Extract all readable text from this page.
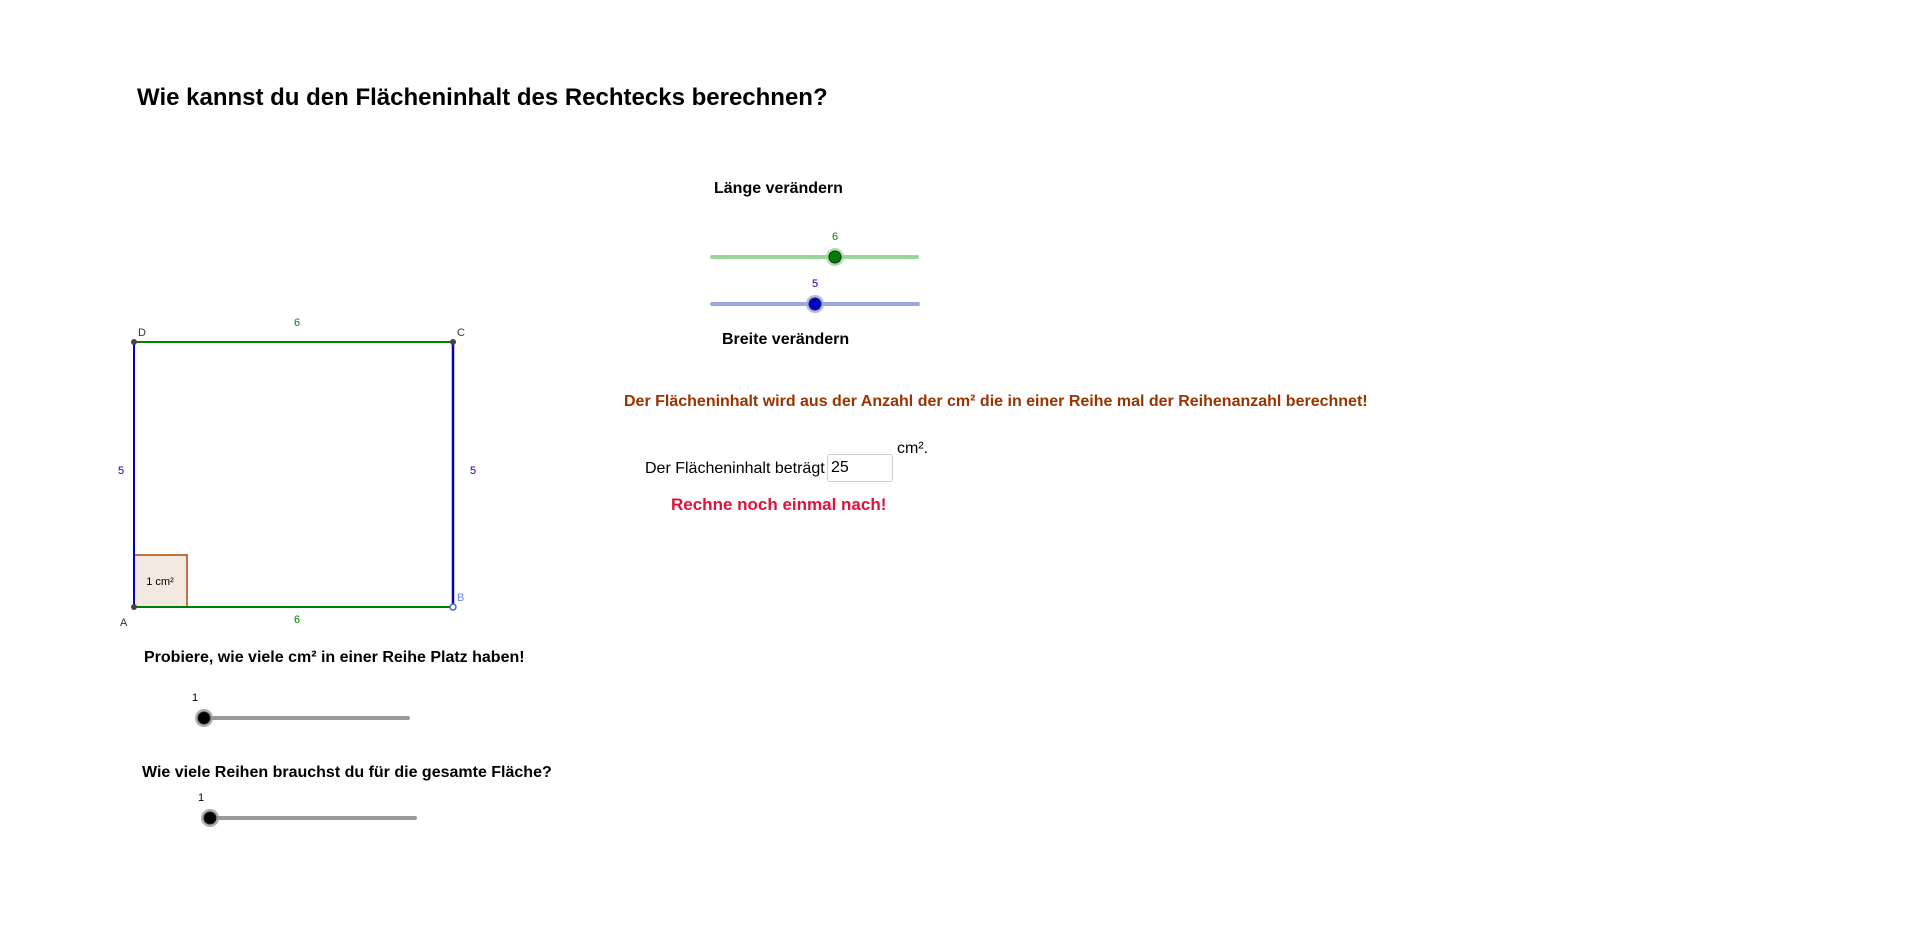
Wie kannst du den Flächeninhalt des Rechtecks berechnen?
1 cm²
D	C
A
B
6
6
5	5
6
5
1
1
Länge verändern
Breite verändern
Probiere, wie viele cm² in einer Reihe Platz haben!
Wie viele Reihen brauchst du für die gesamte Fläche?
Der Flächeninhalt wird aus der Anzahl der cm² die in einer Reihe mal der Reihenanzahl berechnet!
Der Flächeninhalt beträgt
25
cm².
Rechne noch einmal nach!
